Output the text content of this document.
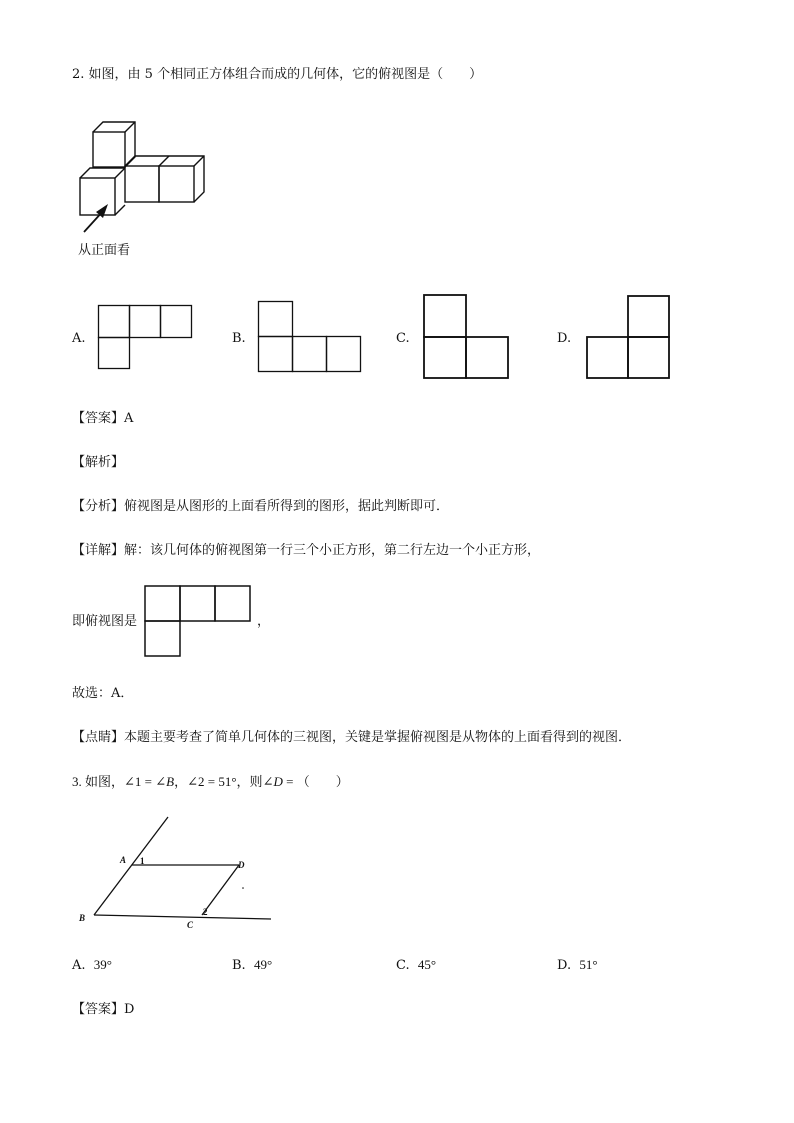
2. 如图，由 5 个相同正方体组合而成的几何体，它的俯视图是（　　）
从正面看
A.	B.	C.	D.
【答案】A
【解析】
【分析】俯视图是从图形的上面看所得到的图形，据此判断即可．
【详解】解：该几何体的俯视图第一行三个小正方形，第二行左边一个小正方形，
即俯视图是	，
故选：A．
【点睛】本题主要考查了简单几何体的三视图，关键是掌握俯视图是从物体的上面看得到的视图．
3. 如图，∠1 = ∠B，∠2 = 51°，则∠D = （　　）
A 1	D
B
C
2
A. 39°	B. 49°	C. 45°	D. 51°
【答案】D
